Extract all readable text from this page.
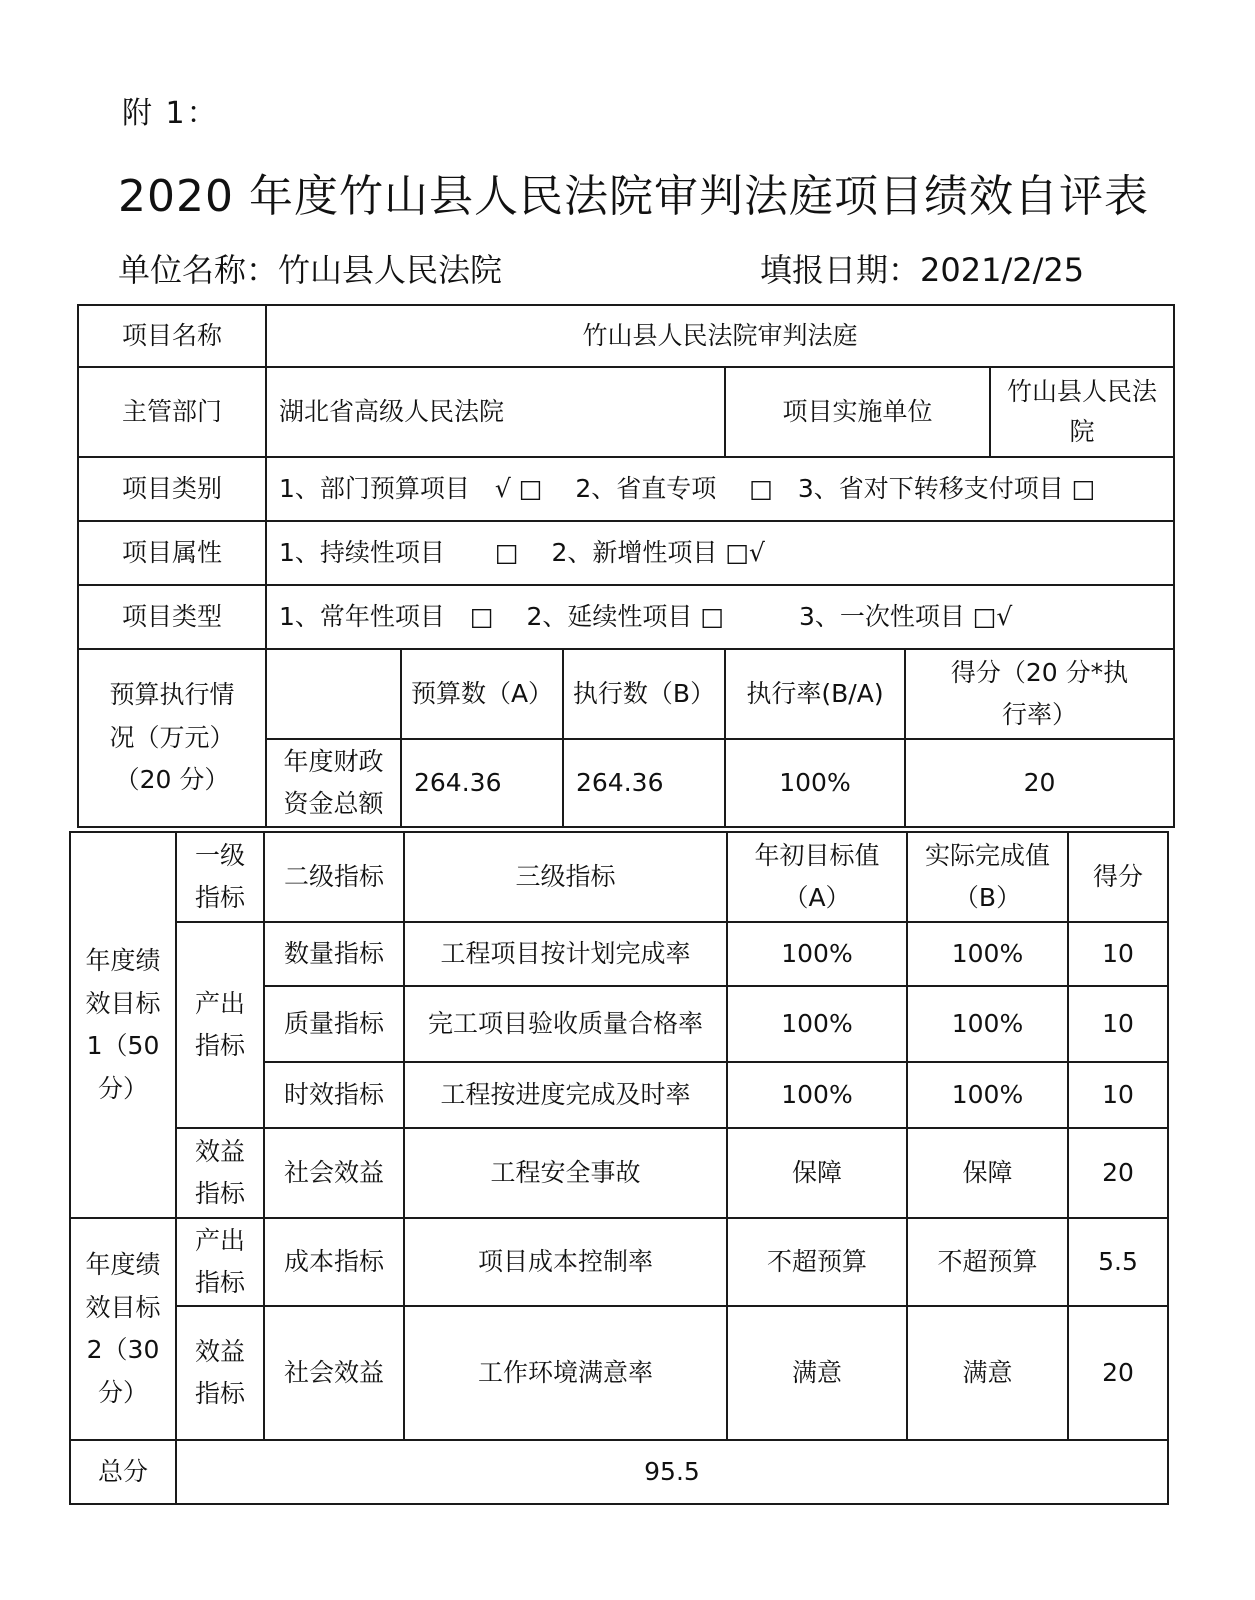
附 1：
2020 年度竹山县人民法院审判法庭项目绩效自评表
单位名称：竹山县人民法院	填报日期：2021/2/25
项目名称	竹山县人民法院审判法庭					
主管部门	湖北省高级人民法院			项目实施单位		竹山县人民法院
项目类别	1、部门预算项目　√ □　 2、省直专项　 □　3、省对下转移支付项目 □					
项目属性	1、持续性项目　　□　 2、新增性项目 □√					
项目类型	1、常年性项目　□　 2、延续性项目 □　　　3、一次性项目 □√					
预算执行情况（万元）（20 分）		预算数（A）	执行数（B）	执行率(B/A)	得分（20 分*执行率）	
	年度财政资金总额	264.36	264.36	100%	20	
年度绩效目标 1（50 分）	一级指标	二级指标	三级指标	年初目标值（A）	实际完成值（B）	得分
	产出指标	数量指标	工程项目按计划完成率	100%	100%	10
		质量指标	完工项目验收质量合格率	100%	100%	10
		时效指标	工程按进度完成及时率	100%	100%	10
	效益指标	社会效益	工程安全事故	保障	保障	20
年度绩效目标 2（30 分）	产出指标	成本指标	项目成本控制率	不超预算	不超预算	5.5
	效益指标	社会效益	工作环境满意率	满意	满意	20
总分	95.5					
